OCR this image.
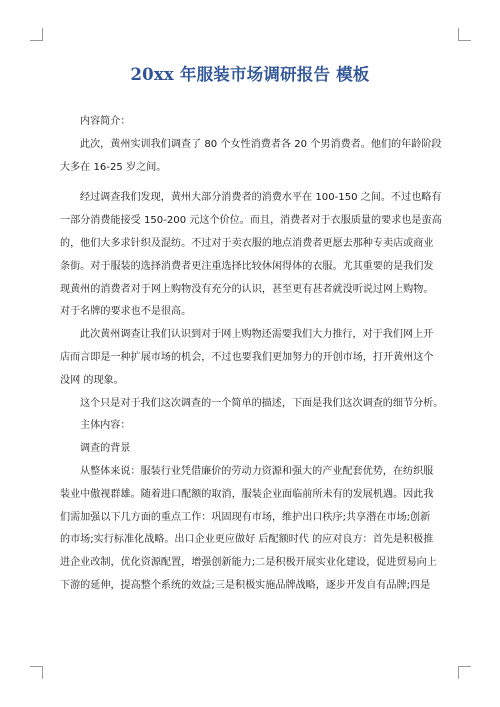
20xx 年服装市场调研报告 模板

内容简介：

此次，黄州实训我们调查了 80 个女性消费者各 20 个男消费者。他们的年龄阶段

大多在 16-25 岁之间。

经过调查我们发现，黄州大部分消费者的消费水平在 100-150 之间。不过也略有

一部分消费能接受 150-200 元这个价位。而且，消费者对于衣服质量的要求也是蛮高

的，他们大多求针织及混纺。不过对于卖衣服的地点消费者更愿去那种专卖店或商业

条街。对于服装的选择消费者更注重选择比较休闲得体的衣服。尤其重要的是我们发

现黄州的消费者对于网上购物没有充分的认识，甚至更有甚者就没听说过网上购物。

对于名牌的要求也不是很高。

此次黄州调查让我们认识到对于网上购物还需要我们大力推行，对于我们网上开

店而言即是一种扩展市场的机会，不过也要我们更加努力的开创市场，打开黄州这个

没网 的现象。

这个只是对于我们这次调查的一个简单的描述，下面是我们这次调查的细节分析。

主体内容：

调查的背景

从整体来说：服装行业凭借廉价的劳动力资源和强大的产业配套优势，在纺织服

装业中傲视群雄。随着进口配额的取消，服装企业面临前所未有的发展机遇。因此我

们需加强以下几方面的重点工作：巩固现有市场，维护出口秩序;共享潜在市场;创新

的市场;实行标准化战略。出口企业更应做好 后配额时代 的应对良方：首先是积极推

进企业改制，优化资源配置，增强创新能力;二是积极开展实业化建设，促进贸易向上

下游的延伸，提高整个系统的效益;三是积极实施品牌战略，逐步开发自有品牌;四是
